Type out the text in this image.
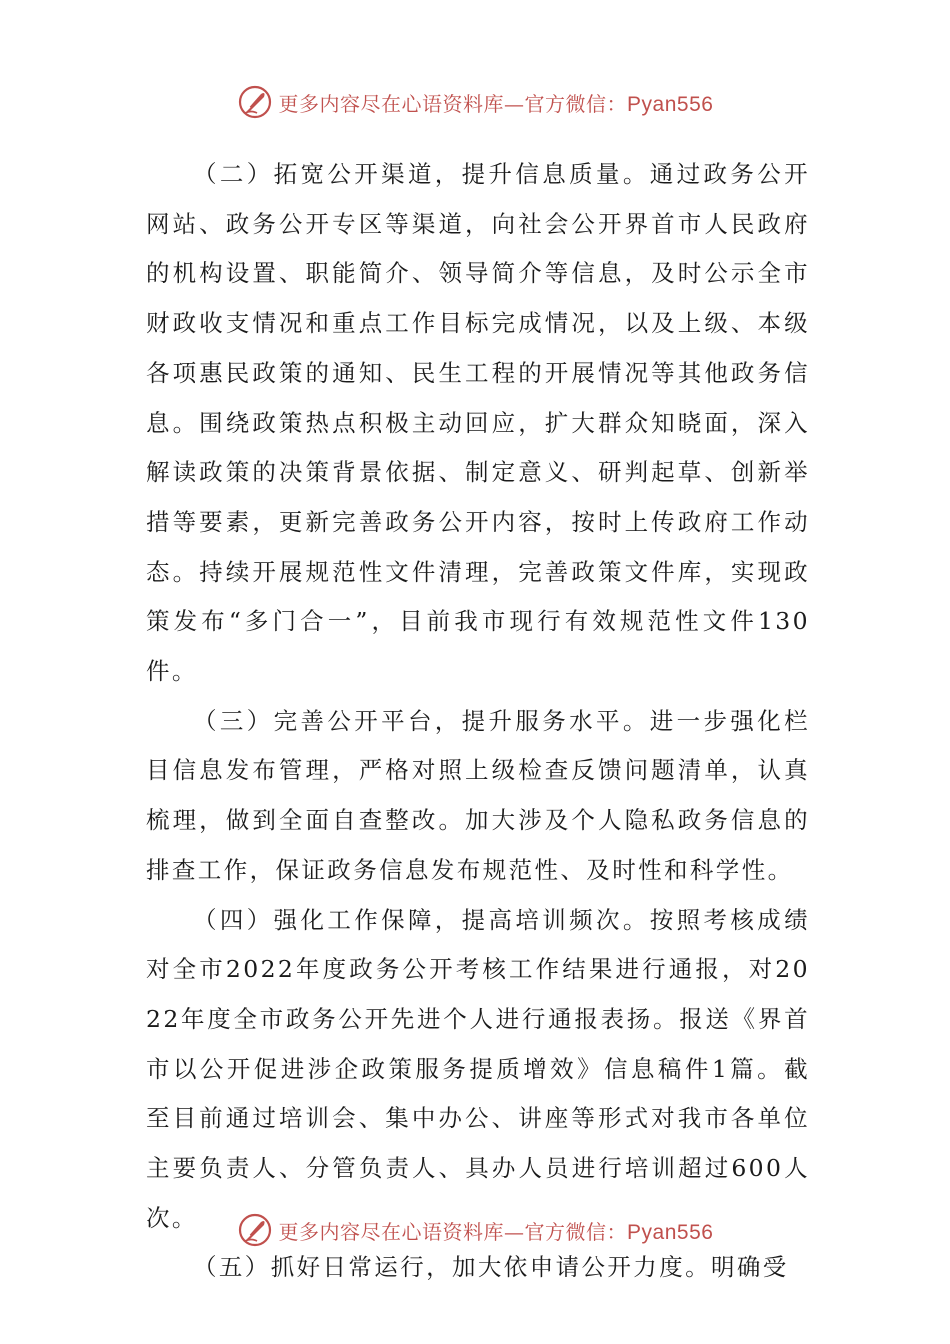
更多内容尽在心语资料库—官方微信：Pyan556

（二）拓宽公开渠道，提升信息质量。通过政务公开网站、政务公开专区等渠道，向社会公开界首市人民政府的机构设置、职能简介、领导简介等信息，及时公示全市财政收支情况和重点工作目标完成情况，以及上级、本级各项惠民政策的通知、民生工程的开展情况等其他政务信息。围绕政策热点积极主动回应，扩大群众知晓面，深入解读政策的决策背景依据、制定意义、研判起草、创新举措等要素，更新完善政务公开内容，按时上传政府工作动态。持续开展规范性文件清理，完善政策文件库，实现政策发布“多门合一”，目前我市现行有效规范性文件130件。

（三）完善公开平台，提升服务水平。进一步强化栏目信息发布管理，严格对照上级检查反馈问题清单，认真梳理，做到全面自查整改。加大涉及个人隐私政务信息的排查工作，保证政务信息发布规范性、及时性和科学性。

（四）强化工作保障，提高培训频次。按照考核成绩对全市2022年度政务公开考核工作结果进行通报，对2022年度全市政务公开先进个人进行通报表扬。报送《界首市以公开促进涉企政策服务提质增效》信息稿件1篇。截至目前通过培训会、集中办公、讲座等形式对我市各单位主要负责人、分管负责人、具办人员进行培训超过600人次。

（五）抓好日常运行，加大依申请公开力度。明确受

更多内容尽在心语资料库—官方微信：Pyan556
